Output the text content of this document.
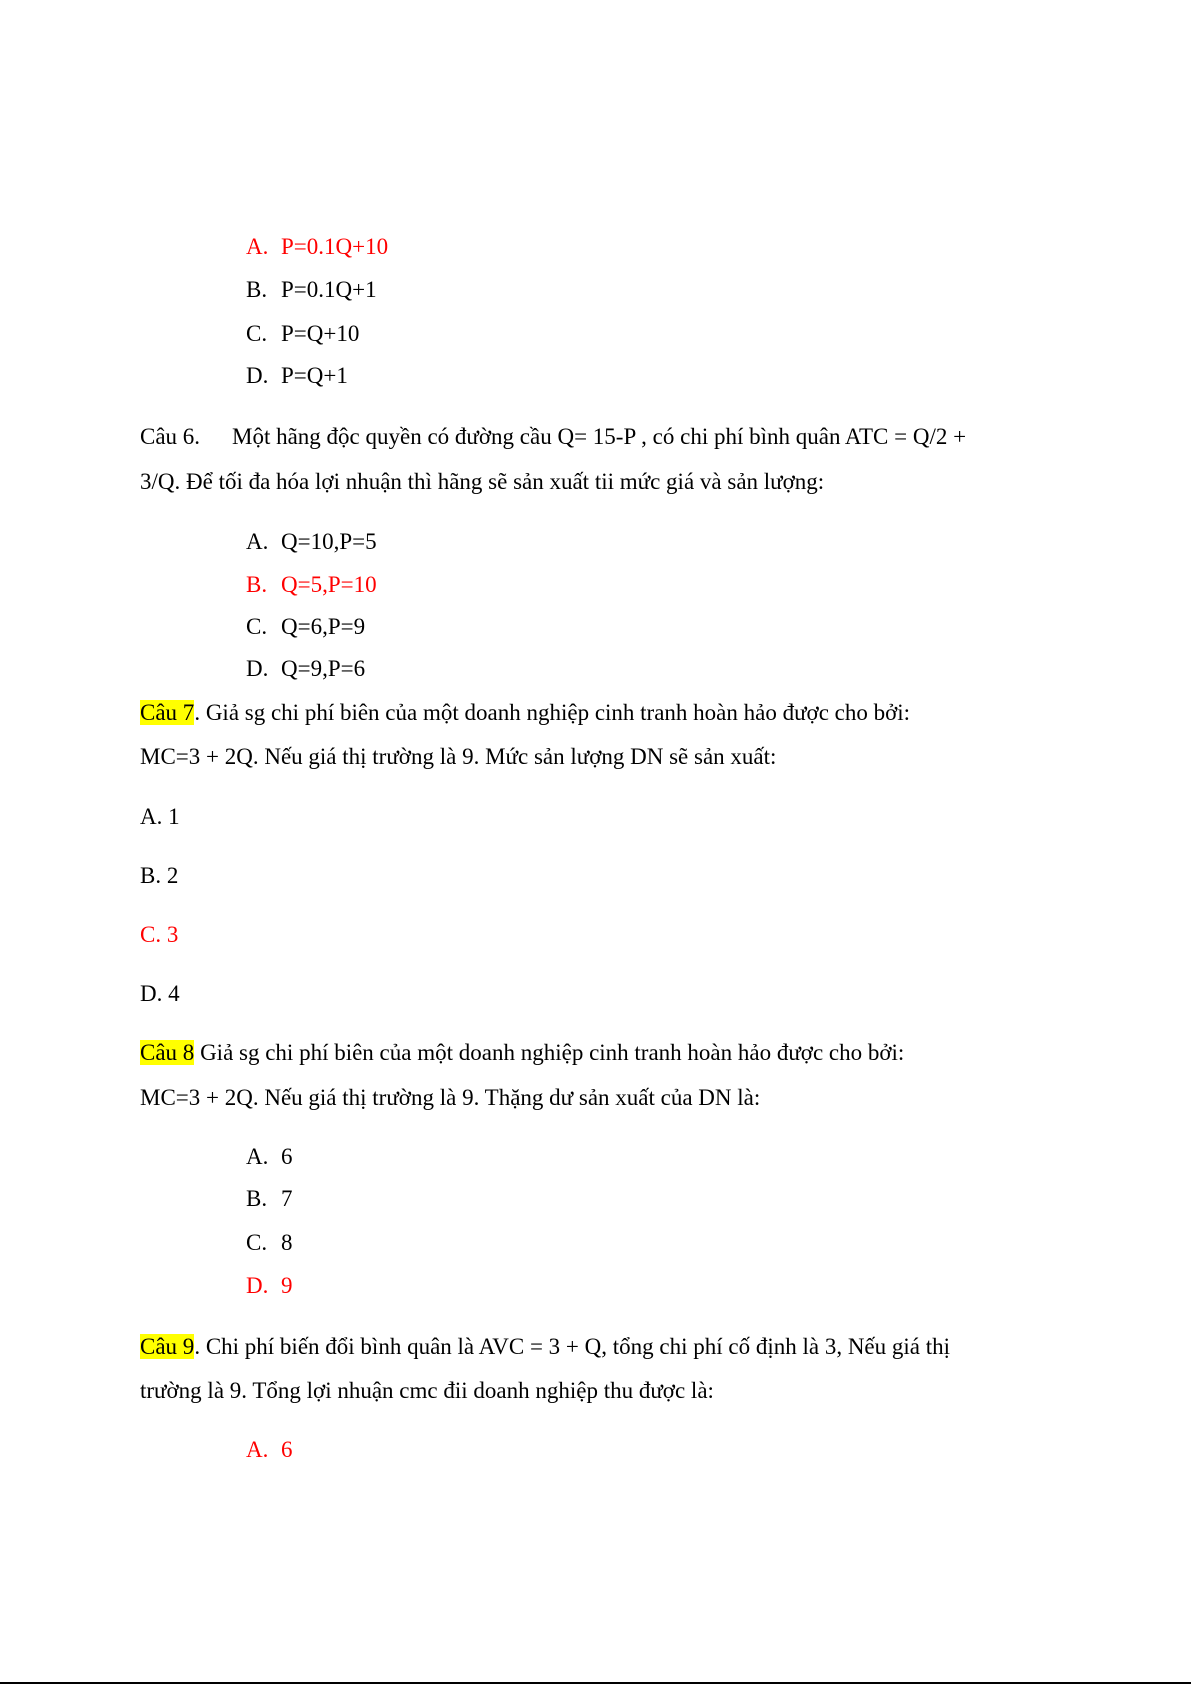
A. P=0.1Q+10
B. P=0.1Q+1
C. P=Q+10
D. P=Q+1
Câu 6. Một hãng độc quyền có đường cầu Q= 15-P , có chi phí bình quân ATC = Q/2 +
3/Q. Để tối đa hóa lợi nhuận thì hãng sẽ sản xuất tii mức giá và sản lượng:
A. Q=10,P=5
B. Q=5,P=10
C. Q=6,P=9
D. Q=9,P=6
Câu 7. Giả sg chi phí biên của một doanh nghiệp cinh tranh hoàn hảo được cho bởi:
MC=3 + 2Q. Nếu giá thị trường là 9. Mức sản lượng DN sẽ sản xuất:
A. 1
B. 2
C. 3
D. 4
Câu 8 Giả sg chi phí biên của một doanh nghiệp cinh tranh hoàn hảo được cho bởi:
MC=3 + 2Q. Nếu giá thị trường là 9. Thặng dư sản xuất của DN là:
A. 6
B. 7
C. 8
D. 9
Câu 9. Chi phí biến đổi bình quân là AVC = 3 + Q, tổng chi phí cố định là 3, Nếu giá thị
trường là 9. Tổng lợi nhuận cmc đii doanh nghiệp thu được là:
A. 6
